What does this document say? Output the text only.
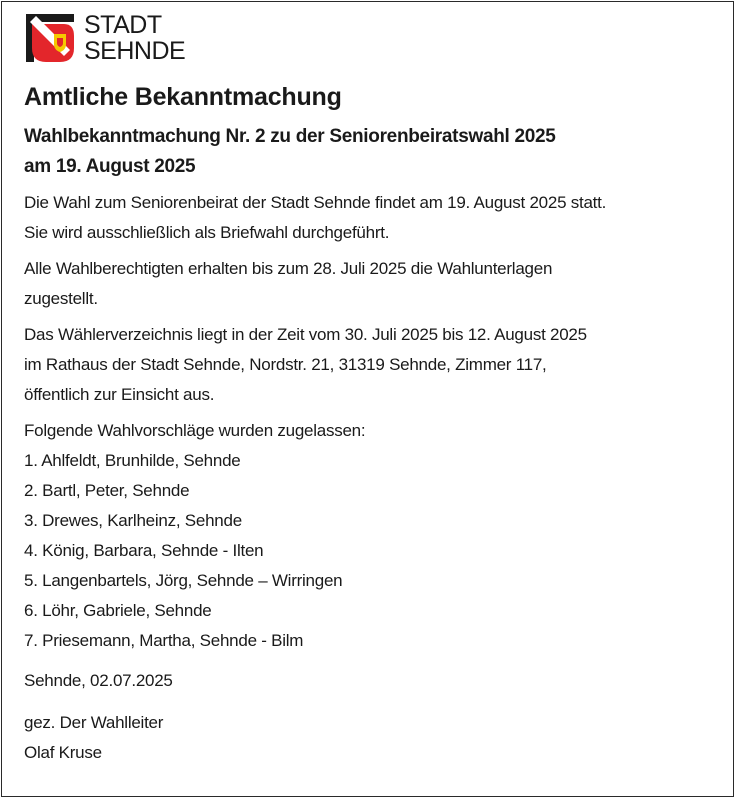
STADT
SEHNDE
Amtliche Bekanntmachung
Wahlbekanntmachung Nr. 2 zu der Seniorenbeiratswahl 2025
am 19. August 2025

Die Wahl zum Seniorenbeirat der Stadt Sehnde findet am 19. August 2025 statt.
Sie wird ausschließlich als Briefwahl durchgeführt.

Alle Wahlberechtigten erhalten bis zum 28. Juli 2025 die Wahlunterlagen
zugestellt.

Das Wählerverzeichnis liegt in der Zeit vom 30. Juli 2025 bis 12. August 2025
im Rathaus der Stadt Sehnde, Nordstr. 21, 31319 Sehnde, Zimmer 117,
öffentlich zur Einsicht aus.

Folgende Wahlvorschläge wurden zugelassen:

1. Ahlfeldt, Brunhilde, Sehnde
2. Bartl, Peter, Sehnde
3. Drewes, Karlheinz, Sehnde
4. König, Barbara, Sehnde - Ilten
5. Langenbartels, Jörg, Sehnde – Wirringen
6. Löhr, Gabriele, Sehnde
7. Priesemann, Martha, Sehnde - Bilm

Sehnde, 02.07.2025

gez. Der Wahlleiter
Olaf Kruse
